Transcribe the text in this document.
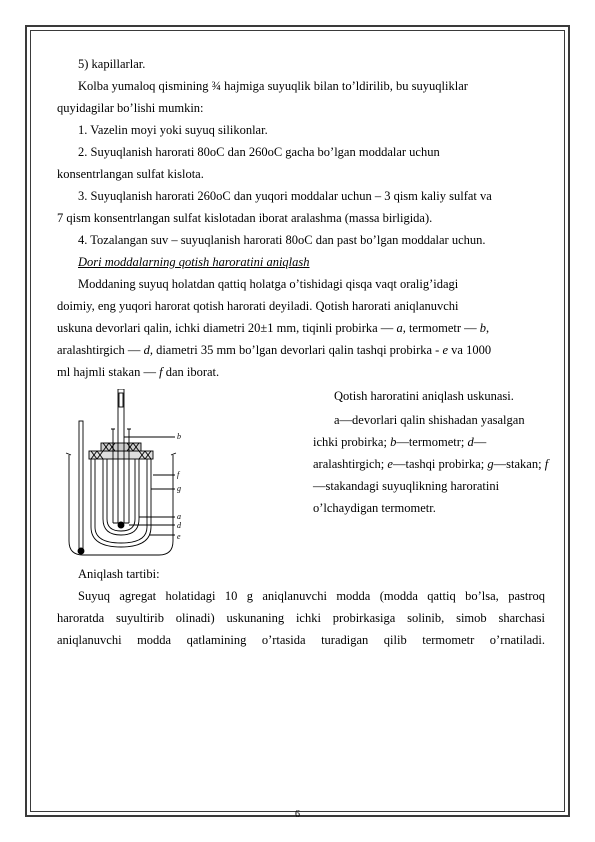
5) kapillarlar.

Kolba yumaloq qismining ¾ hajmiga suyuqlik bilan to’ldirilib, bu suyuqliklar

quyidagilar bo’lishi mumkin:

1. Vazelin moyi yoki suyuq silikonlar.

2. Suyuqlanish harorati 80oC dan 260oC gacha bo’lgan moddalar uchun

konsentrlangan sulfat kislota.

3. Suyuqlanish harorati 260oC dan yuqori moddalar uchun – 3 qism kaliy sulfat va

7 qism konsentrlangan sulfat kislotadan iborat aralashma (massa birligida).

4. Tozalangan suv – suyuqlanish harorati 80oC dan past bo’lgan moddalar uchun.

Dori moddalarning qotish haroratini aniqlash

Moddaning suyuq holatdan qattiq holatga o’tishidagi qisqa vaqt oralig’idagi

doimiy, eng yuqori harorat qotish harorati deyiladi. Qotish harorati aniqlanuvchi

uskuna devorlari qalin, ichki diametri 20±1 mm, tiqinli probirka — a, termometr — b,

aralashtirgich — d, diametri 35 mm bo’lgan devorlari qalin tashqi probirka - e va 1000

ml hajmli stakan — f dan iborat.

Qotish haroratini aniqlash uskunasi.
a—devorlari qalin shishadan yasalgan ichki probirka; b—termometr; d—aralashtirgich; e—tashqi probirka; g—stakan; f—stakandagi suyuqlikning haroratini o’lchaydigan termometr.
b
f
g
a
d
e

Aniqlash tartibi:

Suyuq agregat holatidagi 10 g aniqlanuvchi modda (modda qattiq bo’lsa, pastroq

haroratda suyultirib olinadi) uskunaning ichki probirkasiga solinib, simob sharchasi

aniqlanuvchi modda qatlamining o’rtasida turadigan qilib termometr o’rnatiladi.

6
